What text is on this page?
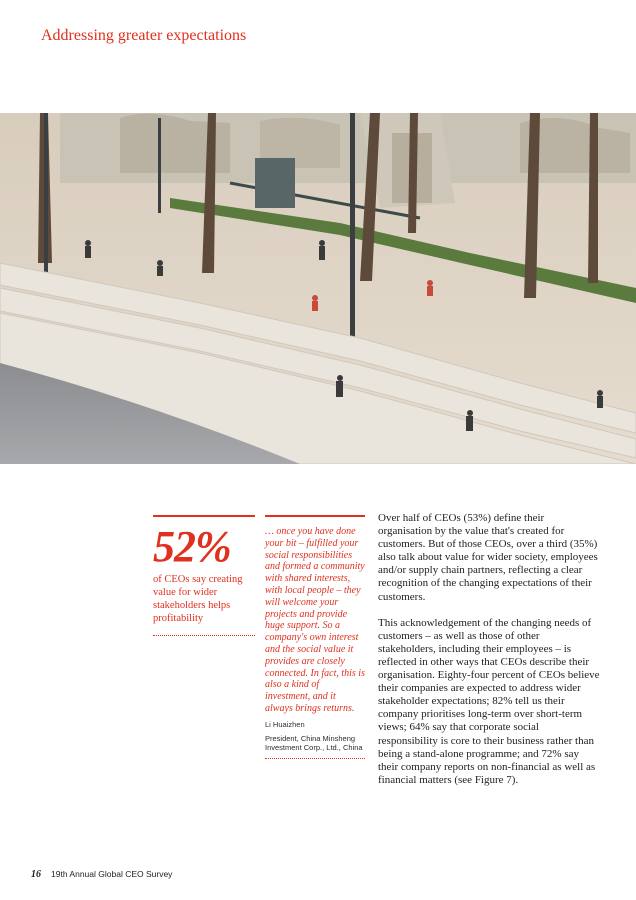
Addressing greater expectations
52%
of CEOs say creating value for wider stakeholders helps profitability
… once you have done your bit – fulfilled your social responsibilities and formed a community with shared interests, with local people – they will welcome your projects and provide huge support. So a company's own interest and the social value it provides are closely connected. In fact, this is also a kind of investment, and it always brings returns.
Li Huaizhen
President, China Minsheng Investment Corp., Ltd., China

Over half of CEOs (53%) define their organisation by the value that's created for customers. But of those CEOs, over a third (35%) also talk about value for wider society, employees and/or supply chain partners, reflecting a clear recognition of the changing expectations of their customers.

This acknowledgement of the changing needs of customers – as well as those of other stakeholders, including their employees – is reflected in other ways that CEOs describe their organisation. Eighty-four percent of CEOs believe their companies are expected to address wider stakeholder expectations; 82% tell us their company prioritises long-term over short-term views; 64% say that corporate social responsibility is core to their business rather than being a stand-alone programme; and 72% say their company reports on non-financial as well as financial matters (see Figure 7).

16 19th Annual Global CEO Survey
